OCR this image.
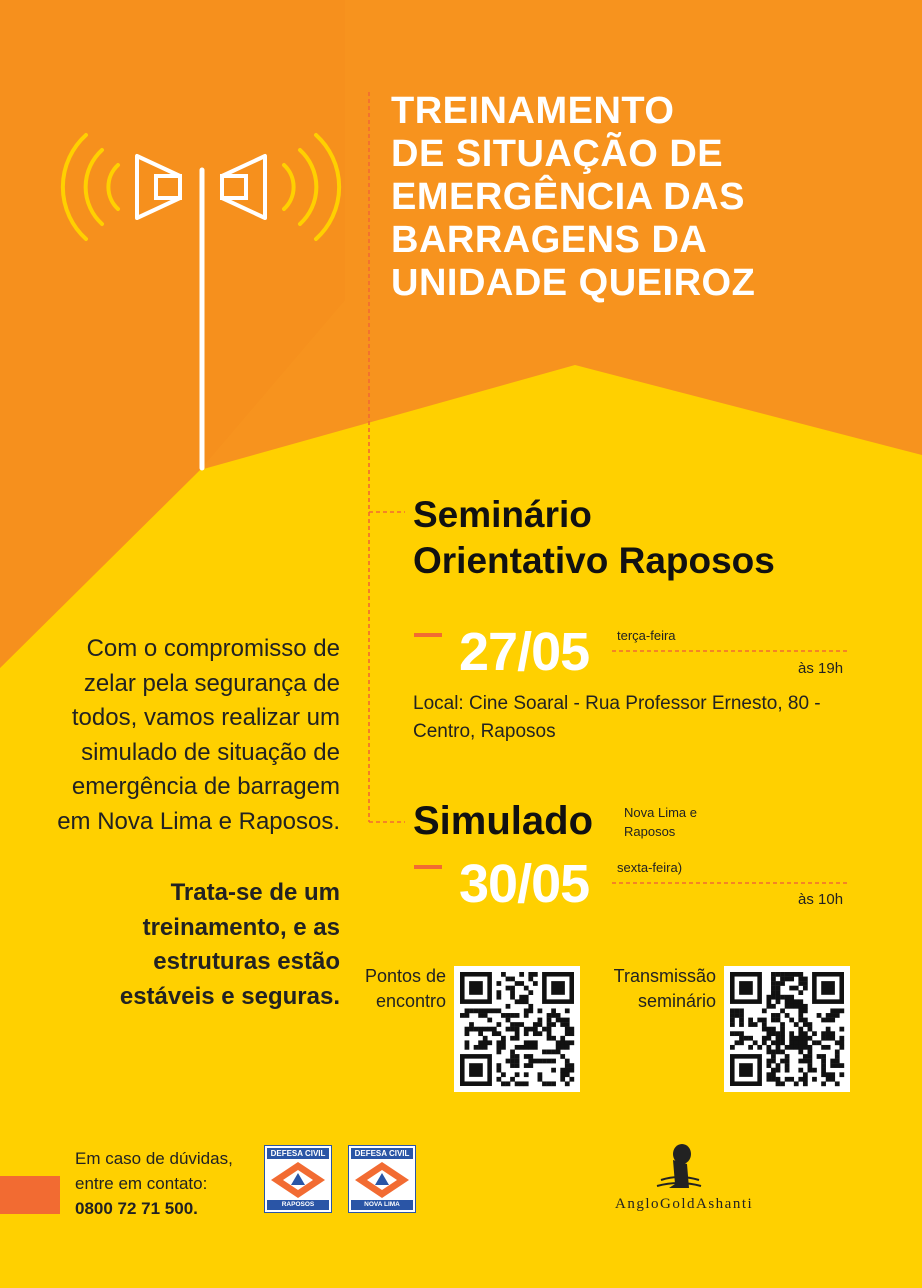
TREINAMENTO
DE SITUAÇÃO DE
EMERGÊNCIA DAS
BARRAGENS DA
UNIDADE QUEIROZ
Seminário
Orientativo Raposos
27/05 terça-feira
às 19h
Local: Cine Soaral - Rua Professor Ernesto, 80 - Centro, Raposos
Simulado Nova Lima e
Raposos
30/05 sexta-feira)
às 10h

Com o compromisso de
zelar pela segurança de
todos, vamos realizar um
simulado de situação de
emergência de barragem
em Nova Lima e Raposos.

Trata-se de um
treinamento, e as
estruturas estão
estáveis e seguras.

Pontos de
encontro
Transmissão
seminário
Em caso de dúvidas,
entre em contato:
0800 72 71 500.
DEFESA CIVIL
RAPOSOS
DEFESA CIVIL
NOVA LIMA	AngloGoldAshanti
